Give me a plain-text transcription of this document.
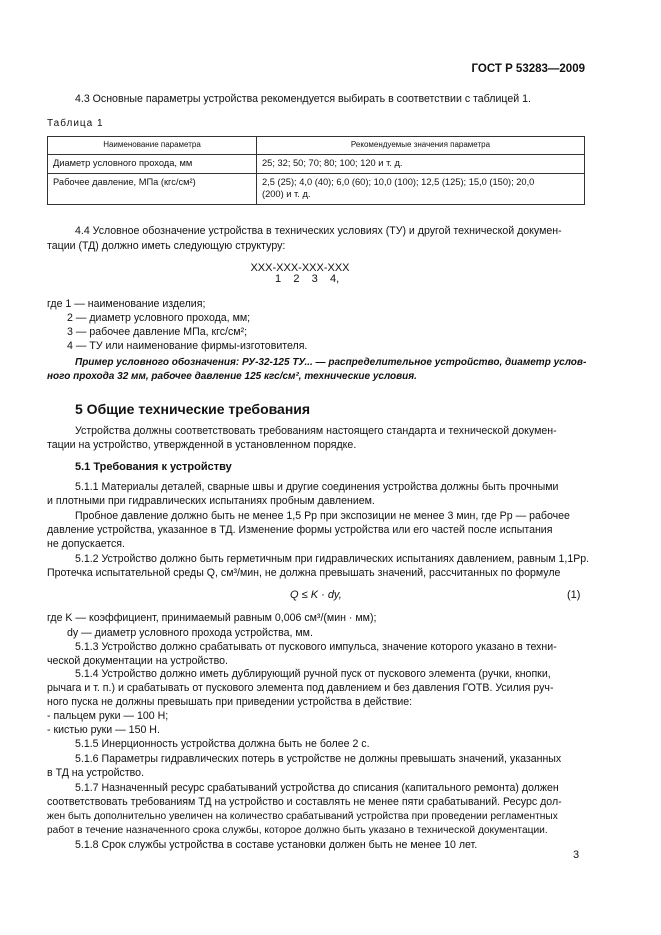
ГОСТ Р 53283—2009
4.3 Основные параметры устройства рекомендуется выбирать в соответствии с таблицей 1.
Таблица 1
Наименование параметра	Рекомендуемые значения параметра
Диаметр условного прохода, мм	25; 32; 50; 70; 80; 100; 120 и т. д.
Рабочее давление, МПа (кгс/см²)	2,5 (25); 4,0 (40); 6,0 (60); 10,0 (100); 12,5 (125); 15,0 (150); 20,0 (200) и т. д.
4.4 Условное обозначение устройства в технических условиях (ТУ) и другой технической докумен-
тации (ТД) должно иметь следующую структуру:
XXX-XXX-XXX-XXX
1    2    3    4,
где 1 — наименование изделия;
2 — диаметр условного прохода, мм;
3 — рабочее давление МПа, кгс/см²;
4 — ТУ или наименование фирмы-изготовителя.
Пример условного обозначения: РУ-32-125 ТУ... — распределительное устройство, диаметр услов-
ного прохода 32 мм, рабочее давление 125 кгс/см², технические условия.
5 Общие технические требования
Устройства должны соответствовать требованиям настоящего стандарта и технической докумен-
тации на устройство, утвержденной в установленном порядке.
5.1 Требования к устройству
5.1.1 Материалы деталей, сварные швы и другие соединения устройства должны быть прочными
и плотными при гидравлических испытаниях пробным давлением.
Пробное давление должно быть не менее 1,5 Рр при экспозиции не менее 3 мин, где Рр — рабочее
давление устройства, указанное в ТД. Изменение формы устройства или его частей после испытания
не допускается.
5.1.2 Устройство должно быть герметичным при гидравлических испытаниях давлением, равным 1,1Рр.
Протечка испытательной среды Q, см³/мин, не должна превышать значений, рассчитанных по формуле
Q ≤ K · dу,	(1)
где K — коэффициент, принимаемый равным 0,006 см³/(мин · мм);
dу — диаметр условного прохода устройства, мм.
5.1.3 Устройство должно срабатывать от пускового импульса, значение которого указано в техни-
ческой документации на устройство.
5.1.4 Устройство должно иметь дублирующий ручной пуск от пускового элемента (ручки, кнопки,
рычага и т. п.) и срабатывать от пускового элемента под давлением и без давления ГОТВ. Усилия руч-
ного пуска не должны превышать при приведении устройства в действие:
- пальцем руки — 100 Н;
- кистью руки — 150 Н.
5.1.5 Инерционность устройства должна быть не более 2 с.
5.1.6 Параметры гидравлических потерь в устройстве не должны превышать значений, указанных
в ТД на устройство.
5.1.7 Назначенный ресурс срабатываний устройства до списания (капитального ремонта) должен
соответствовать требованиям ТД на устройство и составлять не менее пяти срабатываний. Ресурс дол-
жен быть дополнительно увеличен на количество срабатываний устройства при проведении регламентных
работ в течение назначенного срока службы, которое должно быть указано в технической документации.
5.1.8 Срок службы устройства в составе установки должен быть не менее 10 лет.
3
